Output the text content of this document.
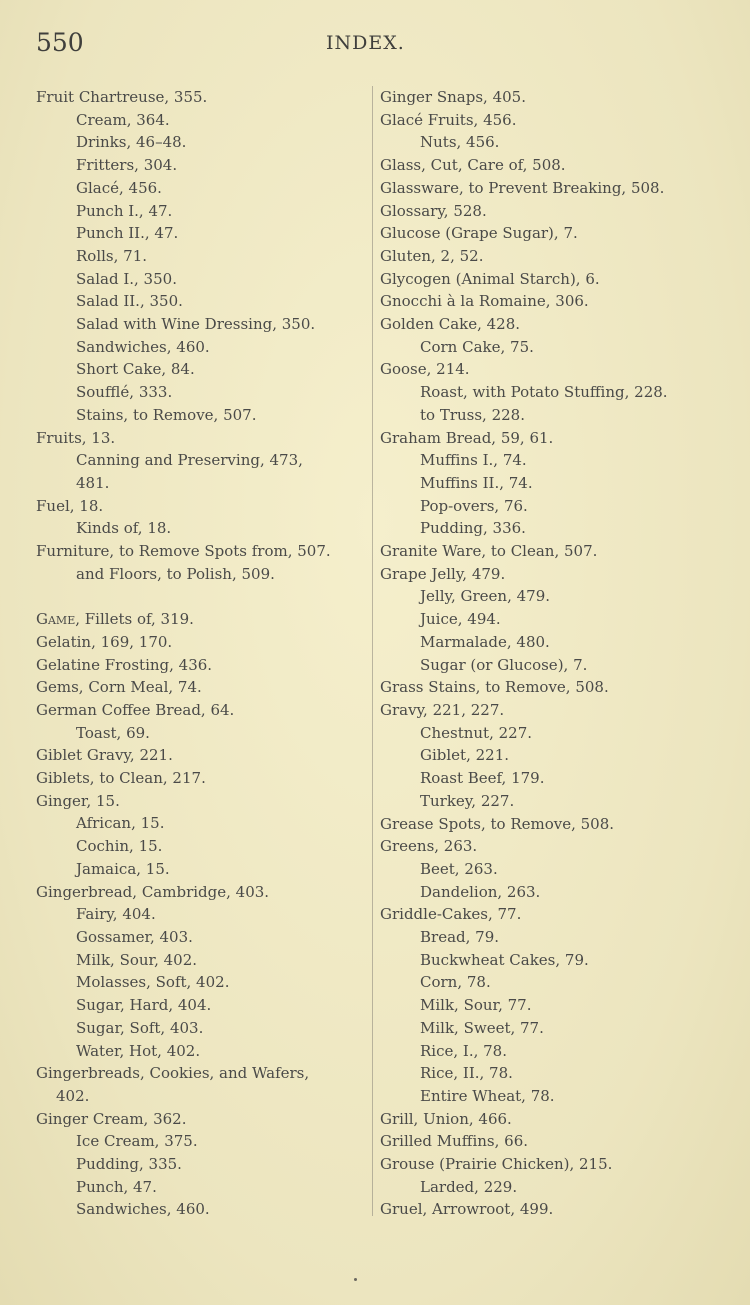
550	INDEX.
Fruit Chartreuse, 355.
Cream, 364.
Drinks, 46–48.
Fritters, 304.
Glacé, 456.
Punch I., 47.
Punch II., 47.
Rolls, 71.
Salad I., 350.
Salad II., 350.
Salad with Wine Dressing, 350.
Sandwiches, 460.
Short Cake, 84.
Soufflé, 333.
Stains, to Remove, 507.
Fruits, 13.
Canning and Preserving, 473,
481.
Fuel, 18.
Kinds of, 18.
Furniture, to Remove Spots from, 507.
and Floors, to Polish, 509.
Game, Fillets of, 319.
Gelatin, 169, 170.
Gelatine Frosting, 436.
Gems, Corn Meal, 74.
German Coffee Bread, 64.
Toast, 69.
Giblet Gravy, 221.
Giblets, to Clean, 217.
Ginger, 15.
African, 15.
Cochin, 15.
Jamaica, 15.
Gingerbread, Cambridge, 403.
Fairy, 404.
Gossamer, 403.
Milk, Sour, 402.
Molasses, Soft, 402.
Sugar, Hard, 404.
Sugar, Soft, 403.
Water, Hot, 402.
Gingerbreads, Cookies, and Wafers,
402.
Ginger Cream, 362.
Ice Cream, 375.
Pudding, 335.
Punch, 47.
Sandwiches, 460.
Ginger Snaps, 405.
Glacé Fruits, 456.
Nuts, 456.
Glass, Cut, Care of, 508.
Glassware, to Prevent Breaking, 508.
Glossary, 528.
Glucose (Grape Sugar), 7.
Gluten, 2, 52.
Glycogen (Animal Starch), 6.
Gnocchi à la Romaine, 306.
Golden Cake, 428.
Corn Cake, 75.
Goose, 214.
Roast, with Potato Stuffing, 228.
to Truss, 228.
Graham Bread, 59, 61.
Muffins I., 74.
Muffins II., 74.
Pop-overs, 76.
Pudding, 336.
Granite Ware, to Clean, 507.
Grape Jelly, 479.
Jelly, Green, 479.
Juice, 494.
Marmalade, 480.
Sugar (or Glucose), 7.
Grass Stains, to Remove, 508.
Gravy, 221, 227.
Chestnut, 227.
Giblet, 221.
Roast Beef, 179.
Turkey, 227.
Grease Spots, to Remove, 508.
Greens, 263.
Beet, 263.
Dandelion, 263.
Griddle-Cakes, 77.
Bread, 79.
Buckwheat Cakes, 79.
Corn, 78.
Milk, Sour, 77.
Milk, Sweet, 77.
Rice, I., 78.
Rice, II., 78.
Entire Wheat, 78.
Grill, Union, 466.
Grilled Muffins, 66.
Grouse (Prairie Chicken), 215.
Larded, 229.
Gruel, Arrowroot, 499.
